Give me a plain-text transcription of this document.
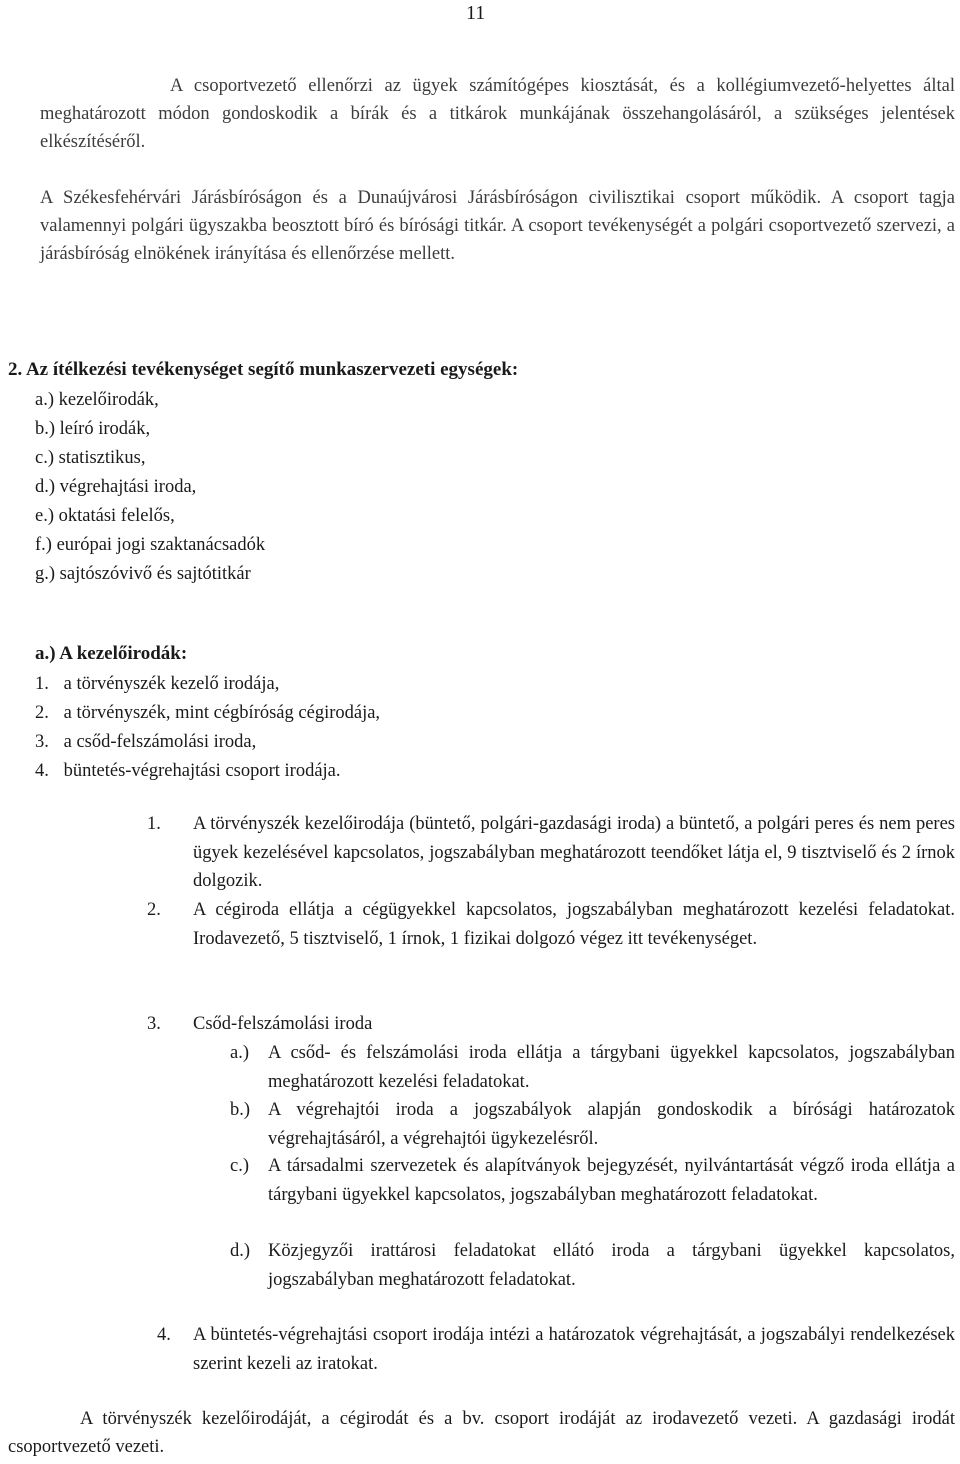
11

A csoportvezető ellenőrzi az ügyek számítógépes kiosztását, és a kollégiumvezető-helyettes által meghatározott módon gondoskodik a bírák és a titkárok munkájának összehangolásáról, a szükséges jelentések elkészítéséről.

A Székesfehérvári Járásbíróságon és a Dunaújvárosi Járásbíróságon civilisztikai csoport működik. A csoport tagja valamennyi polgári ügyszakba beosztott bíró és bírósági titkár. A csoport tevékenységét a polgári csoportvezető szervezi, a járásbíróság elnökének irányítása és ellenőrzése mellett.

2. Az ítélkezési tevékenységet segítő munkaszervezeti egységek:

a.) kezelőirodák,
b.) leíró irodák,
c.) statisztikus,
d.) végrehajtási iroda,
e.) oktatási felelős,
f.) európai jogi szaktanácsadók
g.) sajtószóvivő és sajtótitkár

a.) A kezelőirodák:

1. a törvényszék kezelő irodája,
2. a törvényszék, mint cégbíróság cégirodája,
3. a csőd-felszámolási iroda,
4. büntetés-végrehajtási csoport irodája.
1. A törvényszék kezelőirodája (büntető, polgári-gazdasági iroda) a büntető, a polgári peres és nem peres ügyek kezelésével kapcsolatos, jogszabályban meghatározott teendőket látja el, 9 tisztviselő és 2 írnok dolgozik.
2. A cégiroda ellátja a cégügyekkel kapcsolatos, jogszabályban meghatározott kezelési feladatokat. Irodavezető, 5 tisztviselő, 1 írnok, 1 fizikai dolgozó végez itt tevékenységet.
3. Csőd-felszámolási iroda
a.) A csőd- és felszámolási iroda ellátja a tárgybani ügyekkel kapcsolatos, jogszabályban meghatározott kezelési feladatokat.
b.) A végrehajtói iroda a jogszabályok alapján gondoskodik a bírósági határozatok végrehajtásáról, a végrehajtói ügykezelésről.
c.) A társadalmi szervezetek és alapítványok bejegyzését, nyilvántartását végző iroda ellátja a tárgybani ügyekkel kapcsolatos, jogszabályban meghatározott feladatokat.
d.) Közjegyzői irattárosi feladatokat ellátó iroda a tárgybani ügyekkel kapcsolatos, jogszabályban meghatározott feladatokat.
4. A büntetés-végrehajtási csoport irodája intézi a határozatok végrehajtását, a jogszabályi rendelkezések szerint kezeli az iratokat.

A törvényszék kezelőirodáját, a cégirodát és a bv. csoport irodáját az irodavezető vezeti. A gazdasági irodát csoportvezető vezeti.
